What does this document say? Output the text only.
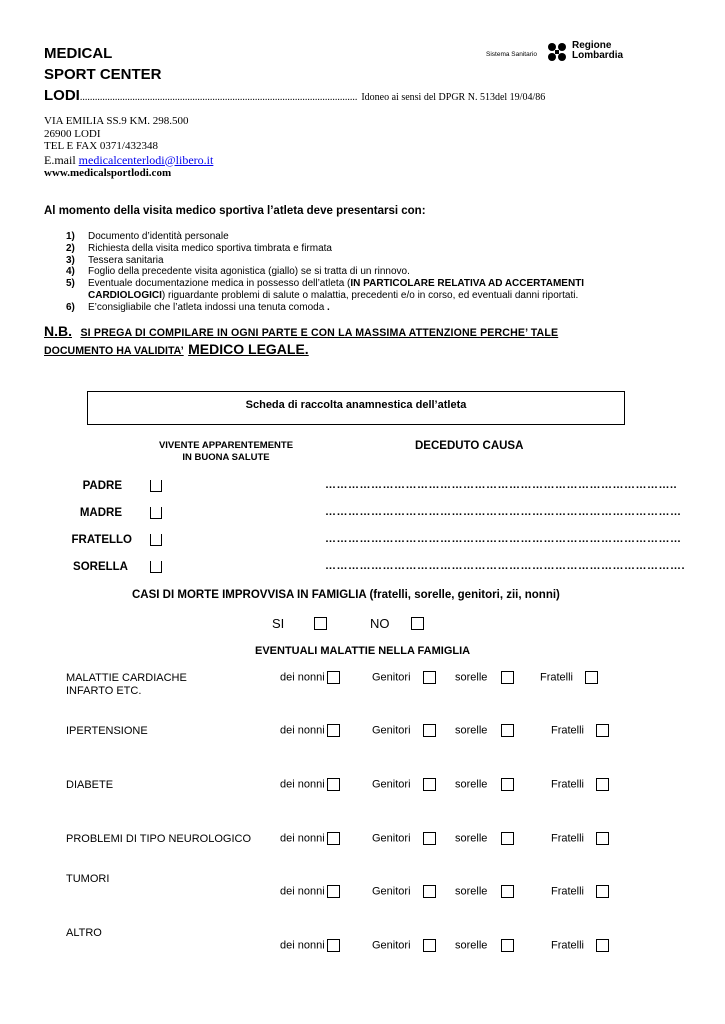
MEDICAL
SPORT CENTER
LODI............................................................................................................... Idoneo ai sensi del DPGR N. 513del 19/04/86
Sistema Sanitario
Regione
Lombardia
VIA EMILIA SS.9 KM. 298.500
26900 LODI
TEL E FAX 0371/432348
E.mail medicalcenterlodi@libero.it
www.medicalsportlodi.com
Al momento della visita medico sportiva l’atleta deve presentarsi con:
1) Documento d’identità personale
2) Richiesta della visita medico sportiva timbrata e firmata
3) Tessera sanitaria
4) Foglio della precedente visita agonistica (giallo) se si tratta di un rinnovo.
5) Eventuale documentazione medica in possesso dell’atleta (IN PARTICOLARE RELATIVA AD ACCERTAMENTI
CARDIOLOGICI) riguardante problemi di salute o malattia, precedenti e/o in corso, ed eventuali danni riportati.
6) E’consigliabile che l’atleta indossi una tenuta comoda .
N.B. SI PREGA DI COMPILARE IN OGNI PARTE E CON LA MASSIMA ATTENZIONE PERCHE’ TALE
DOCUMENTO HA VALIDITA’ MEDICO LEGALE.
Scheda di raccolta anamnestica dell’atleta
VIVENTE APPARENTEMENTE
IN BUONA SALUTE
DECEDUTO CAUSA
PADRE	………………………………………………………………………………..
MADRE	…………………………………………………………………………………
FRATELLO	…………………………………………………………………………………
SORELLA	………………………………………………………………………………….
CASI DI MORTE IMPROVVISA IN FAMIGLIA (fratelli, sorelle, genitori, zii, nonni)
SI	NO
EVENTUALI MALATTIE NELLA FAMIGLIA
MALATTIE CARDIACHE
INFARTO ETC.
dei nonni	Genitori	sorelle	Fratelli
IPERTENSIONE	dei nonni	Genitori	sorelle	Fratelli
DIABETE	dei nonni	Genitori	sorelle	Fratelli
PROBLEMI DI TIPO NEUROLOGICO	dei nonni	Genitori	sorelle	Fratelli
TUMORI
dei nonni	Genitori	sorelle	Fratelli
ALTRO
dei nonni	Genitori	sorelle	Fratelli
